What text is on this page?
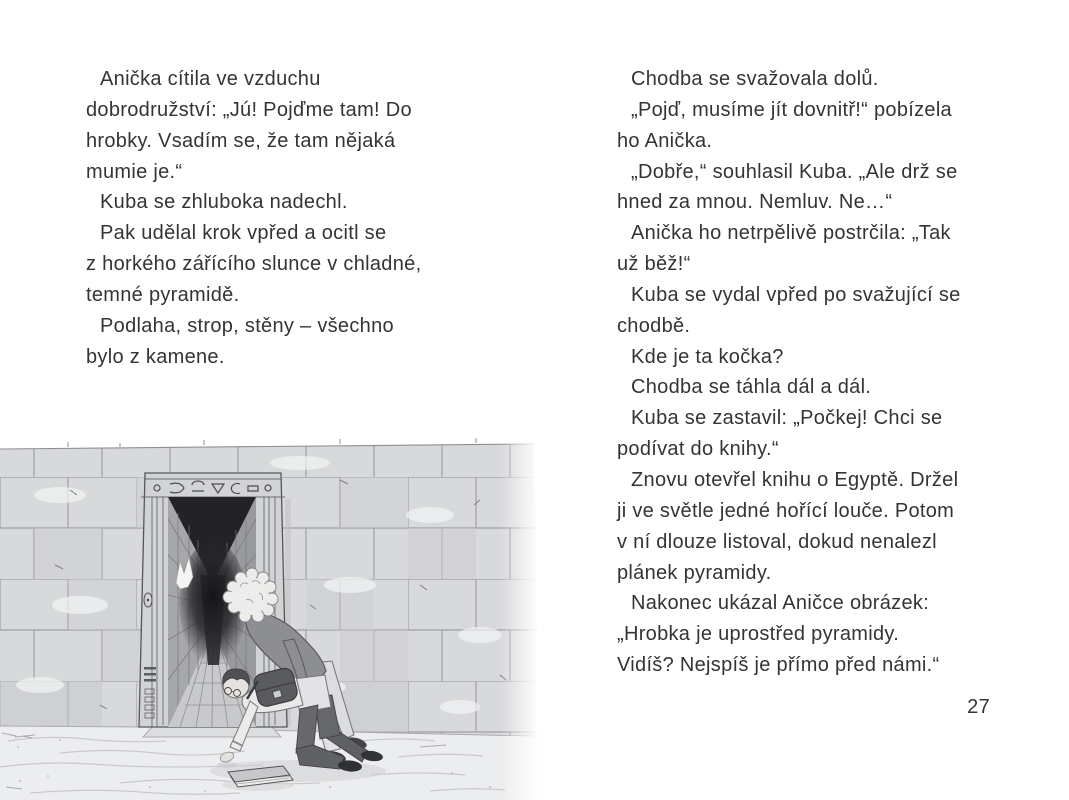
Anička cítila ve vzduchu
dobrodružství: „Jú! Pojďme tam! Do
hrobky. Vsadím se, že tam nějaká
mumie je.“
Kuba se zhluboka nadechl.
Pak udělal krok vpřed a ocitl se
z horkého zářícího slunce v chladné,
temné pyramidě.
Podlaha, strop, stěny – všechno
bylo z kamene.
Chodba se svažovala dolů.
„Pojď, musíme jít dovnitř!“ pobízela
ho Anička.
„Dobře,“ souhlasil Kuba. „Ale drž se
hned za mnou. Nemluv. Ne…“
Anička ho netrpělivě postrčila: „Tak
už běž!“
Kuba se vydal vpřed po svažující se
chodbě.
Kde je ta kočka?
Chodba se táhla dál a dál.
Kuba se zastavil: „Počkej! Chci se
podívat do knihy.“
Znovu otevřel knihu o Egyptě. Držel
ji ve světle jedné hořící louče. Potom
v ní dlouze listoval, dokud nenalezl
plánek pyramidy.
Nakonec ukázal Aničce obrázek:
„Hrobka je uprostřed pyramidy.
Vidíš? Nejspíš je přímo před námi.“
27
